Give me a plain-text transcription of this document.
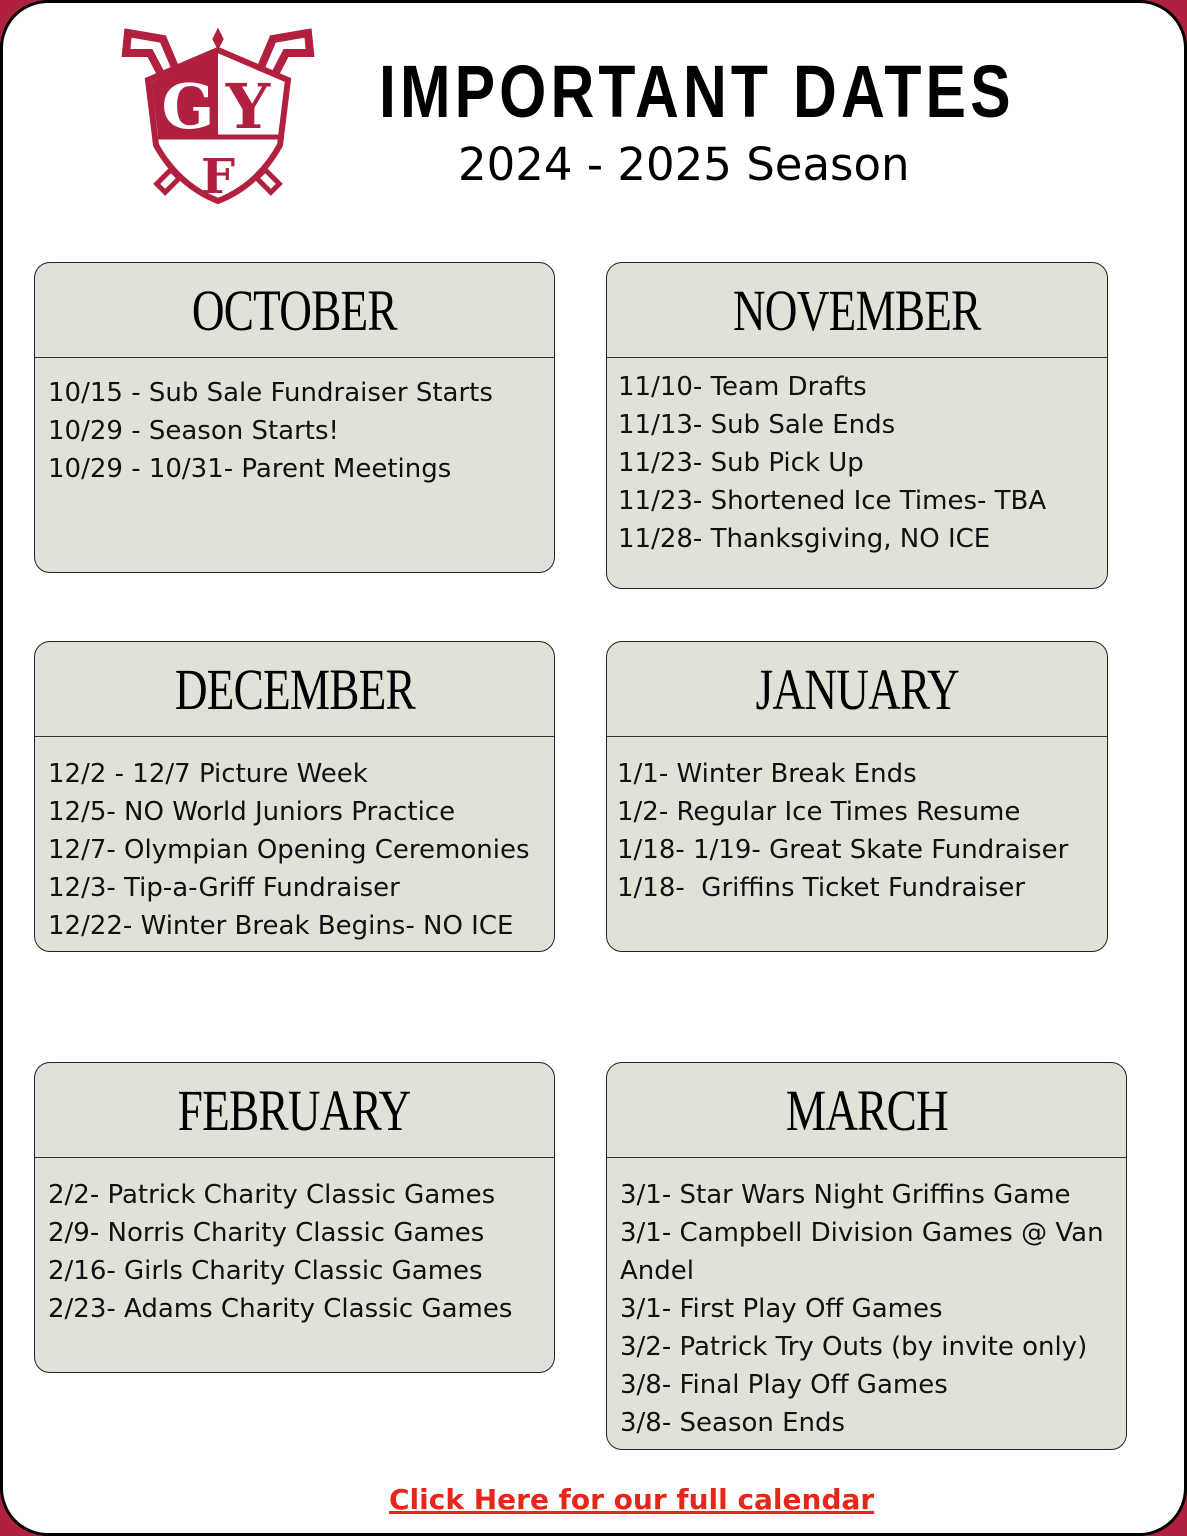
G Y
F
IMPORTANT DATES
2024 - 2025 Season
OCTOBER
10/15 - Sub Sale Fundraiser Starts
10/29 - Season Starts!
10/29 - 10/31- Parent Meetings
NOVEMBER
11/10- Team Drafts
11/13- Sub Sale Ends
11/23- Sub Pick Up
11/23- Shortened Ice Times- TBA
11/28- Thanksgiving, NO ICE
DECEMBER
12/2 - 12/7 Picture Week
12/5- NO World Juniors Practice
12/7- Olympian Opening Ceremonies
12/3- Tip-a-Griff Fundraiser
12/22- Winter Break Begins- NO ICE
JANUARY
1/1- Winter Break Ends
1/2- Regular Ice Times Resume
1/18- 1/19- Great Skate Fundraiser
1/18-  Griffins Ticket Fundraiser
FEBRUARY
2/2- Patrick Charity Classic Games
2/9- Norris Charity Classic Games
2/16- Girls Charity Classic Games
2/23- Adams Charity Classic Games
MARCH
3/1- Star Wars Night Griffins Game
3/1- Campbell Division Games @ Van
Andel
3/1- First Play Off Games
3/2- Patrick Try Outs (by invite only)
3/8- Final Play Off Games
3/8- Season Ends
Click Here for our full calendar
